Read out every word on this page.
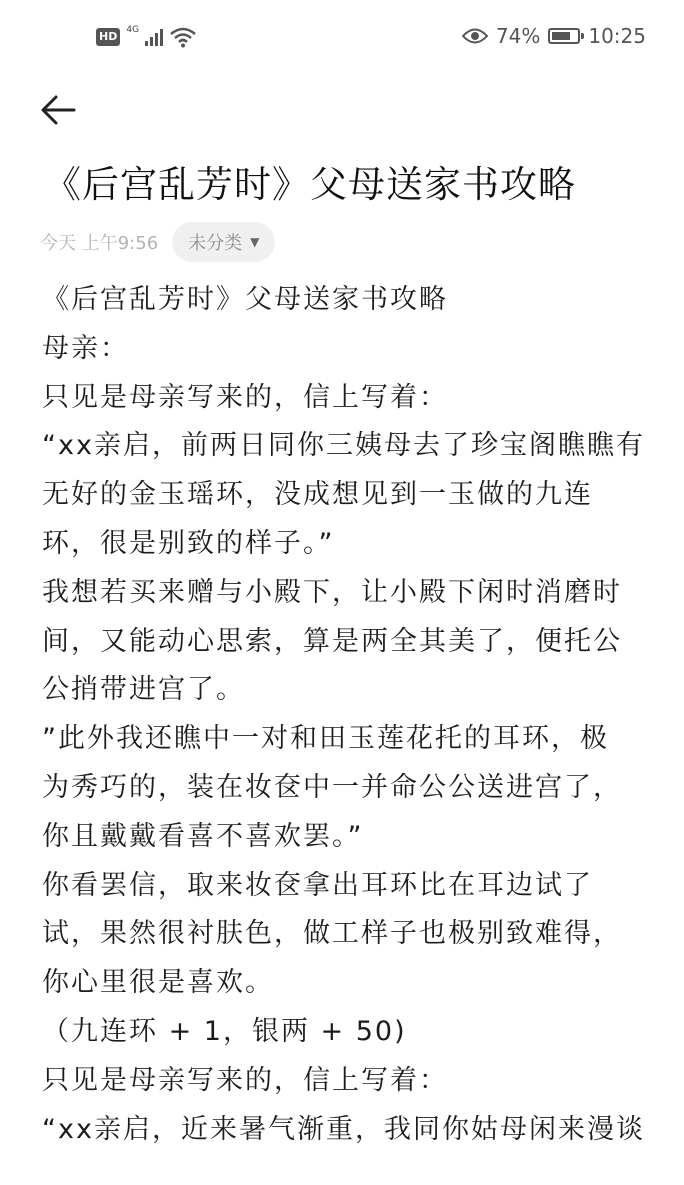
HD	4G	74% 10:25
《后宫乱芳时》父母送家书攻略
今天 上午9:56 未分类 ▼

《后宫乱芳时》父母送家书攻略

母亲：

只见是母亲写来的，信上写着：

“xx亲启，前两日同你三姨母去了珍宝阁瞧瞧有

无好的金玉瑶环，没成想见到一玉做的九连

环，很是别致的样子。”

我想若买来赠与小殿下，让小殿下闲时消磨时

间，又能动心思索，算是两全其美了，便托公

公捎带进宫了。

”此外我还瞧中一对和田玉莲花托的耳环，极

为秀巧的，装在妆奁中一并命公公送进宫了，

你且戴戴看喜不喜欢罢。”

你看罢信，取来妆奁拿出耳环比在耳边试了

试，果然很衬肤色，做工样子也极别致难得，

你心里很是喜欢。

（九连环 + 1，银两 + 50)

只见是母亲写来的，信上写着：

“xx亲启，近来暑气渐重，我同你姑母闲来漫谈
